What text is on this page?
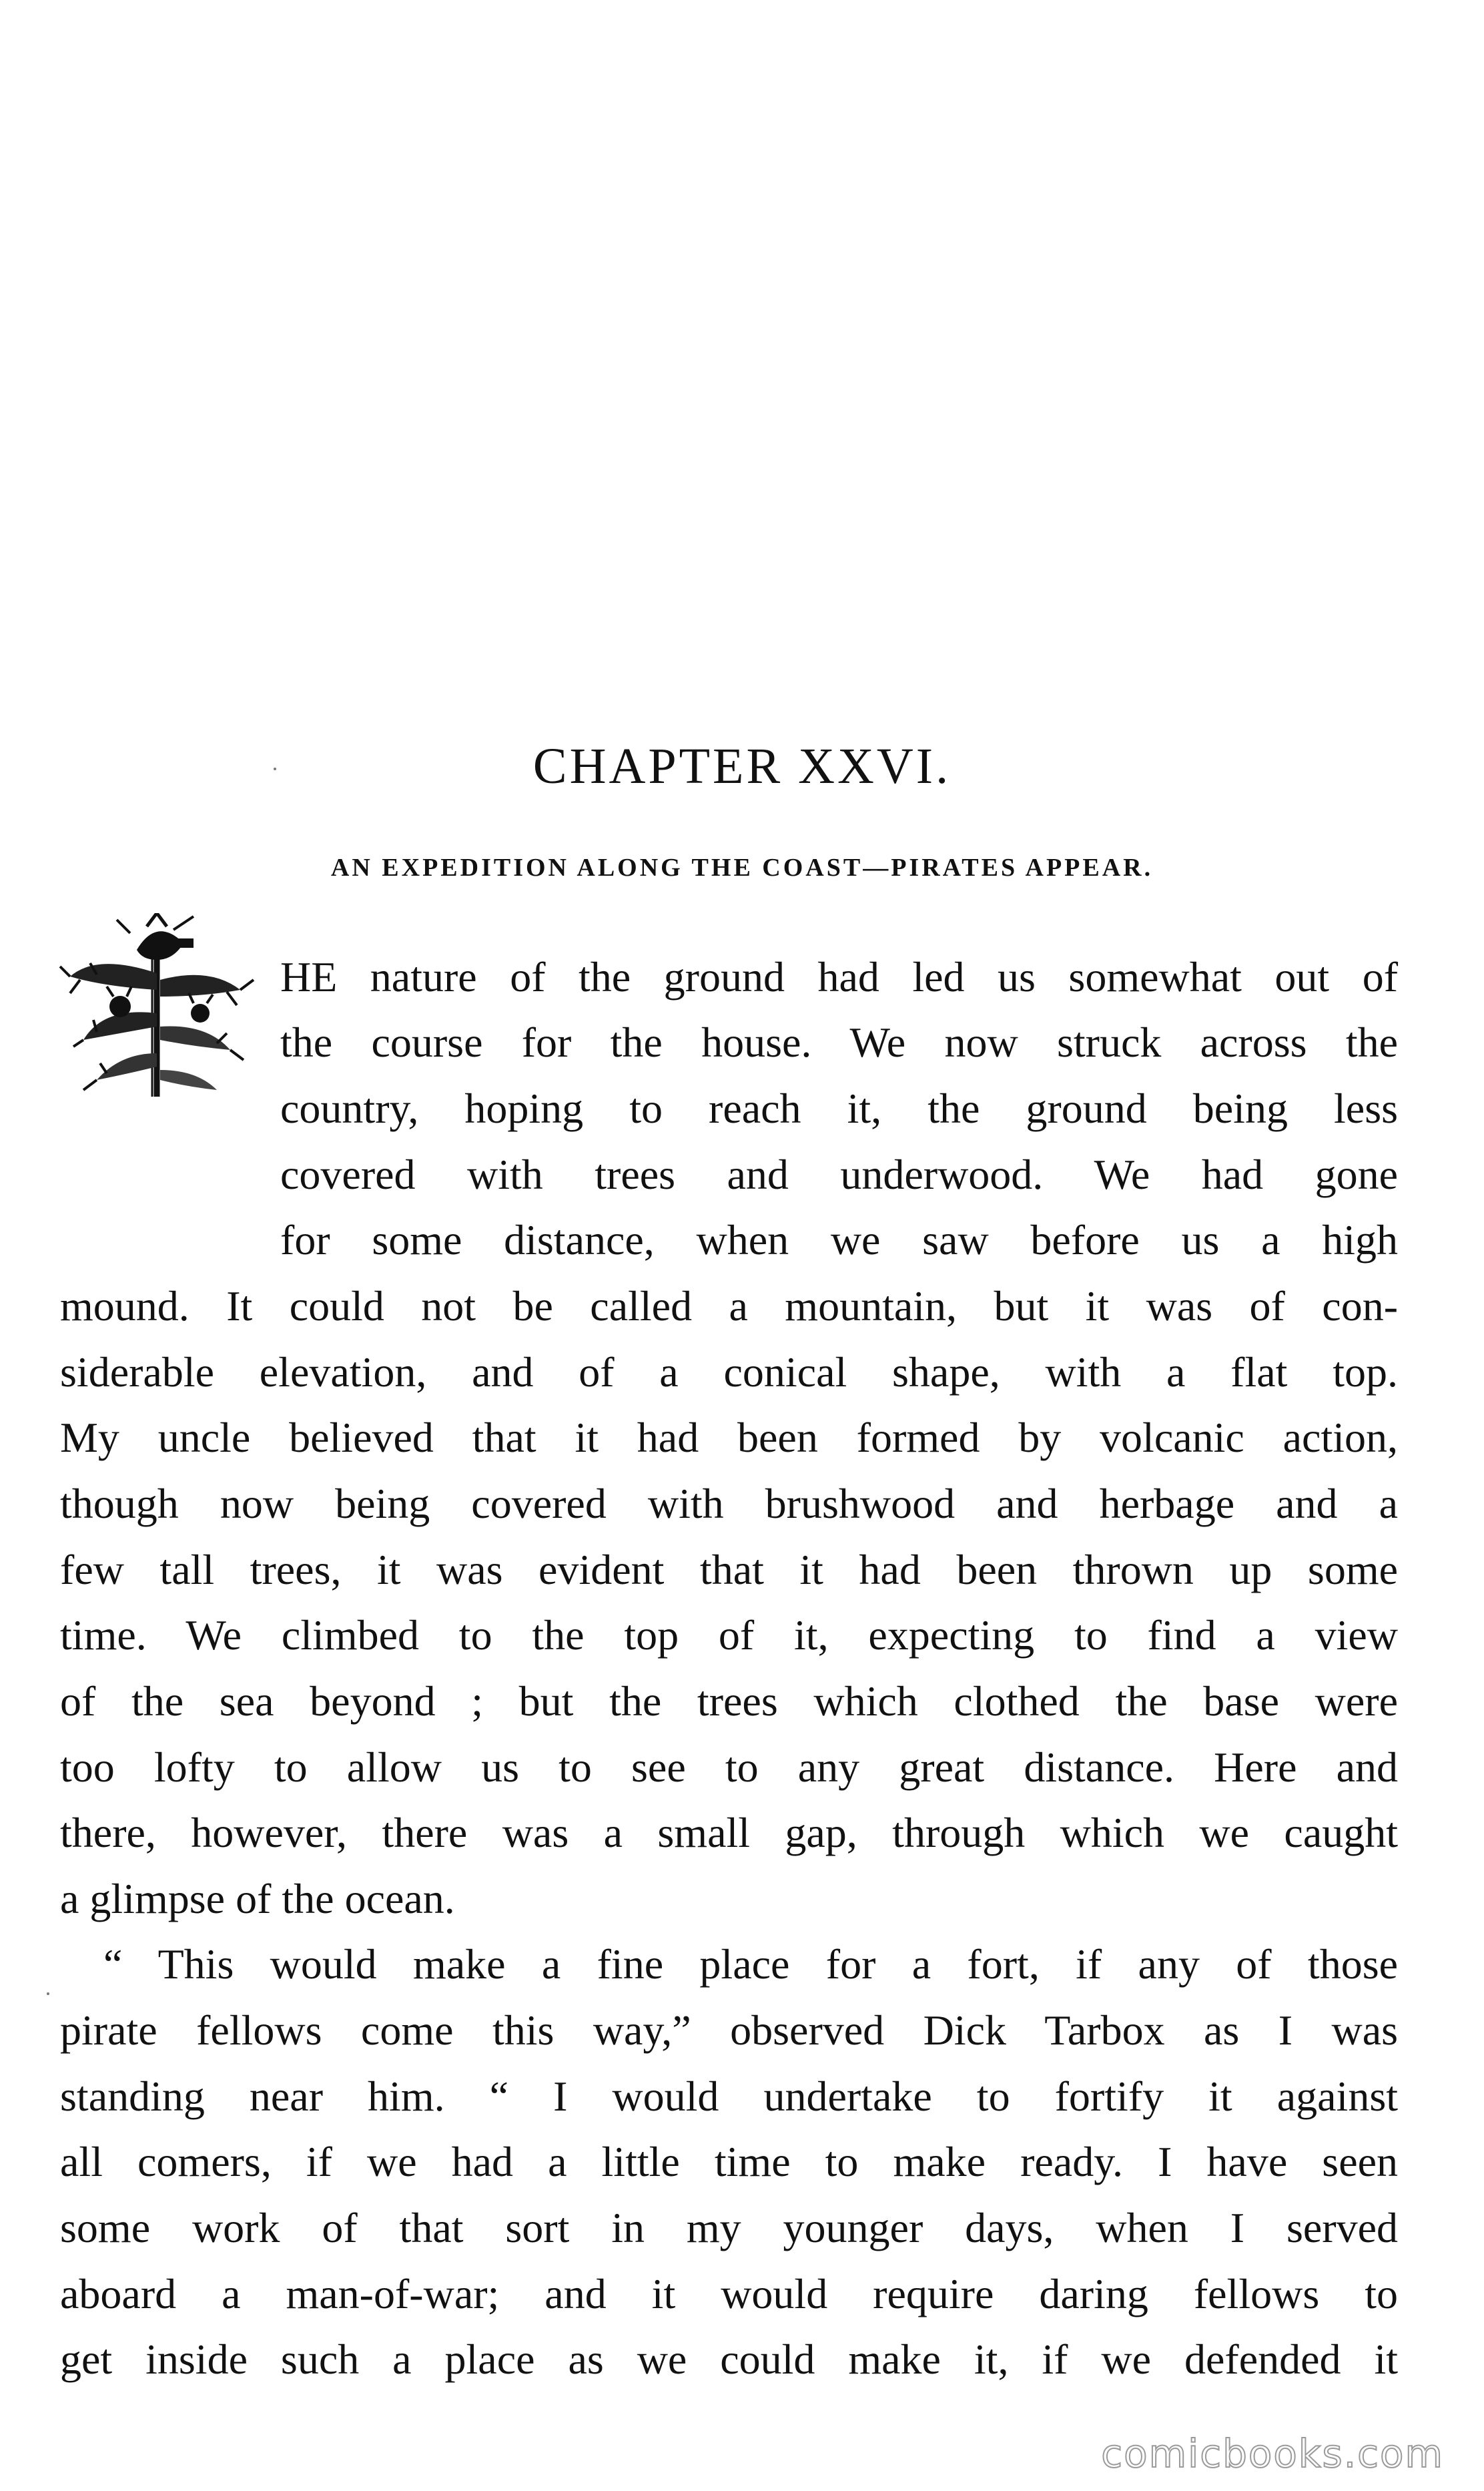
CHAPTER XXVI.
AN EXPEDITION ALONG THE COAST—PIRATES APPEAR.
HE nature of the ground had led us somewhat out of
the course for the house. We now struck across the
country, hoping to reach it, the ground being less
covered with trees and underwood. We had gone
for some distance, when we saw before us a high
mound. It could not be called a mountain, but it was of con-
siderable elevation, and of a conical shape, with a flat top.
My uncle believed that it had been formed by volcanic action,
though now being covered with brushwood and herbage and a
few tall trees, it was evident that it had been thrown up some
time. We climbed to the top of it, expecting to find a view
of the sea beyond ; but the trees which clothed the base were
too lofty to allow us to see to any great distance. Here and
there, however, there was a small gap, through which we caught
a glimpse of the ocean.
“ This would make a fine place for a fort, if any of those
pirate fellows come this way,” observed Dick Tarbox as I was
standing near him. “ I would undertake to fortify it against
all comers, if we had a little time to make ready. I have seen
some work of that sort in my younger days, when I served
aboard a man-of-war; and it would require daring fellows to
get inside such a place as we could make it, if we defended it
comicbooks.com
